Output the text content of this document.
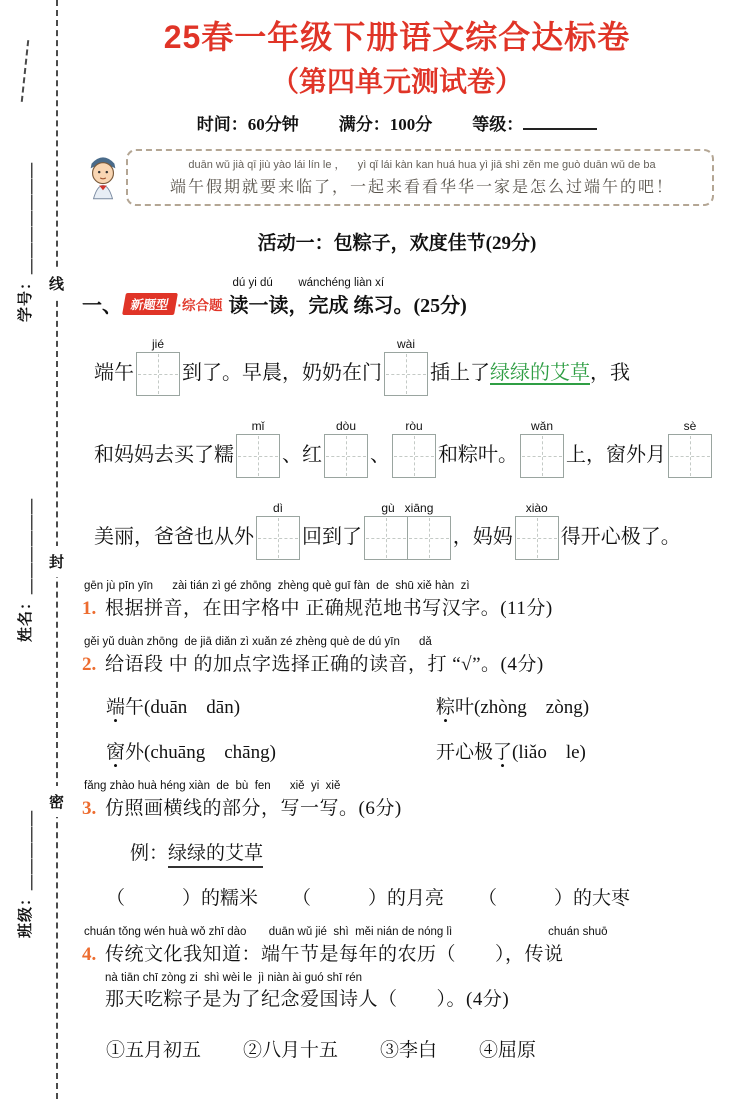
线
封
密
学号：＿＿＿＿＿＿＿
姓名：＿＿＿＿＿＿
班级：＿＿＿＿＿
25春一年级下册语文综合达标卷
（第四单元测试卷）
时间：60分钟 满分：100分 等级：
duān wǔ jià qī jiù yào lái lín le ，    yì qǐ lái kàn kan huá hua yì jiā shì zěn me guò duān wǔ de ba
端午假期就要来临了，一起来看看华华一家是怎么过端午的吧！
活动一：包粽子，欢度佳节(29分)
一、 新题型 ·综合题
dú yi dú        wánchéng liàn xí
读一读，完成 练习。(25分)
端午
jié
到了。早晨，奶奶在门
wài
插上了 绿绿的艾草 ，我
和妈妈去买了糯
mǐ
、红
dòu
、
ròu
和粽叶。
wǎn
上，窗外月
sè
美丽，爸爸也从外
dì
回到了
gù   xiāng
，妈妈
xiào
得开心极了。
gēn jù pīn yīn      zài tián zì gé zhōng  zhèng què guī fàn  de  shū xiě hàn  zì
1. 根据拼音，在田字格中 正确规范地书写汉字。(11分)
gěi yǔ duàn zhōng  de jiā diǎn zì xuǎn zé zhèng què de dú yīn      dǎ
2. 给语段 中 的加点字选择正确的读音，打 “√”。(4分)
端午(duān　dān)	粽叶(zhòng　zòng)
窗外(chuāng　chāng)	开心极了(liǎo　le)
fǎng zhào huà héng xiàn  de  bù  fen      xiě  yi  xiě
3. 仿照画横线的部分，写一写。(6分)
例：绿绿的艾草
（　　　）的糯米 （　　　）的月亮 （　　　）的大枣
chuán tǒng wén huà wǒ zhī dào       duān wǔ jié  shì  měi nián de nóng lì                              chuán shuō
4. 传统文化我知道：端午节是每年的农历（　　），传说
nà tiān chī zòng zi  shì wèi le  jì niàn ài guó shī rén
那天吃粽子是为了纪念爱国诗人（　　）。(4分)
①五月初五 ②八月十五 ③李白 ④屈原
